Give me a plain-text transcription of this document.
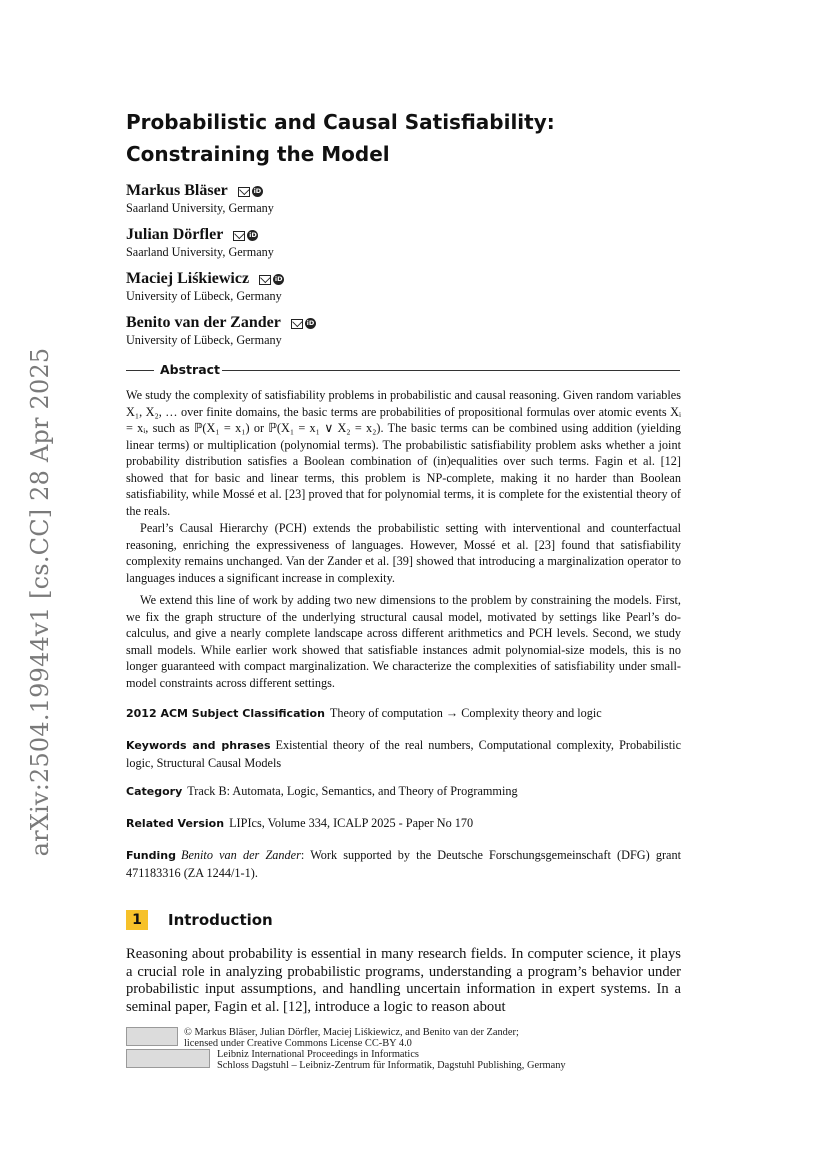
arXiv:2504.19944v1 [cs.CC] 28 Apr 2025
Probabilistic and Causal Satisfiability:
Constraining the Model
Markus Bläser	iD
Saarland University, Germany
Julian Dörfler	iD
Saarland University, Germany
Maciej Liśkiewicz	iD
University of Lübeck, Germany
Benito van der Zander	iD
University of Lübeck, Germany
Abstract
We study the complexity of satisfiability problems in probabilistic and causal reasoning. Given random variables X₁, X₂, … over finite domains, the basic terms are probabilities of propositional formulas over atomic events Xᵢ = xᵢ, such as ℙ(X₁ = x₁) or ℙ(X₁ = x₁ ∨ X₂ = x₂). The basic terms can be combined using addition (yielding linear terms) or multiplication (polynomial terms). The probabilistic satisfiability problem asks whether a joint probability distribution satisfies a Boolean combination of (in)equalities over such terms. Fagin et al. [12] showed that for basic and linear terms, this problem is NP-complete, making it no harder than Boolean satisfiability, while Mossé et al. [23] proved that for polynomial terms, it is complete for the existential theory of the reals.
Pearl’s Causal Hierarchy (PCH) extends the probabilistic setting with interventional and counterfactual reasoning, enriching the expressiveness of languages. However, Mossé et al. [23] found that satisfiability complexity remains unchanged. Van der Zander et al. [39] showed that introducing a marginalization operator to languages induces a significant increase in complexity.
We extend this line of work by adding two new dimensions to the problem by constraining the models. First, we fix the graph structure of the underlying structural causal model, motivated by settings like Pearl’s do-calculus, and give a nearly complete landscape across different arithmetics and PCH levels. Second, we study small models. While earlier work showed that satisfiable instances admit polynomial-size models, this is no longer guaranteed with compact marginalization. We characterize the complexities of satisfiability under small-model constraints across different settings.
2012 ACM Subject Classification Theory of computation → Complexity theory and logic
Keywords and phrases Existential theory of the real numbers, Computational complexity, Probabilistic logic, Structural Causal Models
Category Track B: Automata, Logic, Semantics, and Theory of Programming
Related Version LIPIcs, Volume 334, ICALP 2025 - Paper No 170
Funding Benito van der Zander: Work supported by the Deutsche Forschungsgemeinschaft (DFG) grant 471183316 (ZA 1244/1-1).
1	Introduction
Reasoning about probability is essential in many research fields. In computer science, it plays a crucial role in analyzing probabilistic programs, understanding a program’s behavior under probabilistic input assumptions, and handling uncertain information in expert systems. In a seminal paper, Fagin et al. [12], introduce a logic to reason about
© Markus Bläser, Julian Dörfler, Maciej Liśkiewicz, and Benito van der Zander;
licensed under Creative Commons License CC-BY 4.0
Leibniz International Proceedings in Informatics
Schloss Dagstuhl – Leibniz-Zentrum für Informatik, Dagstuhl Publishing, Germany
